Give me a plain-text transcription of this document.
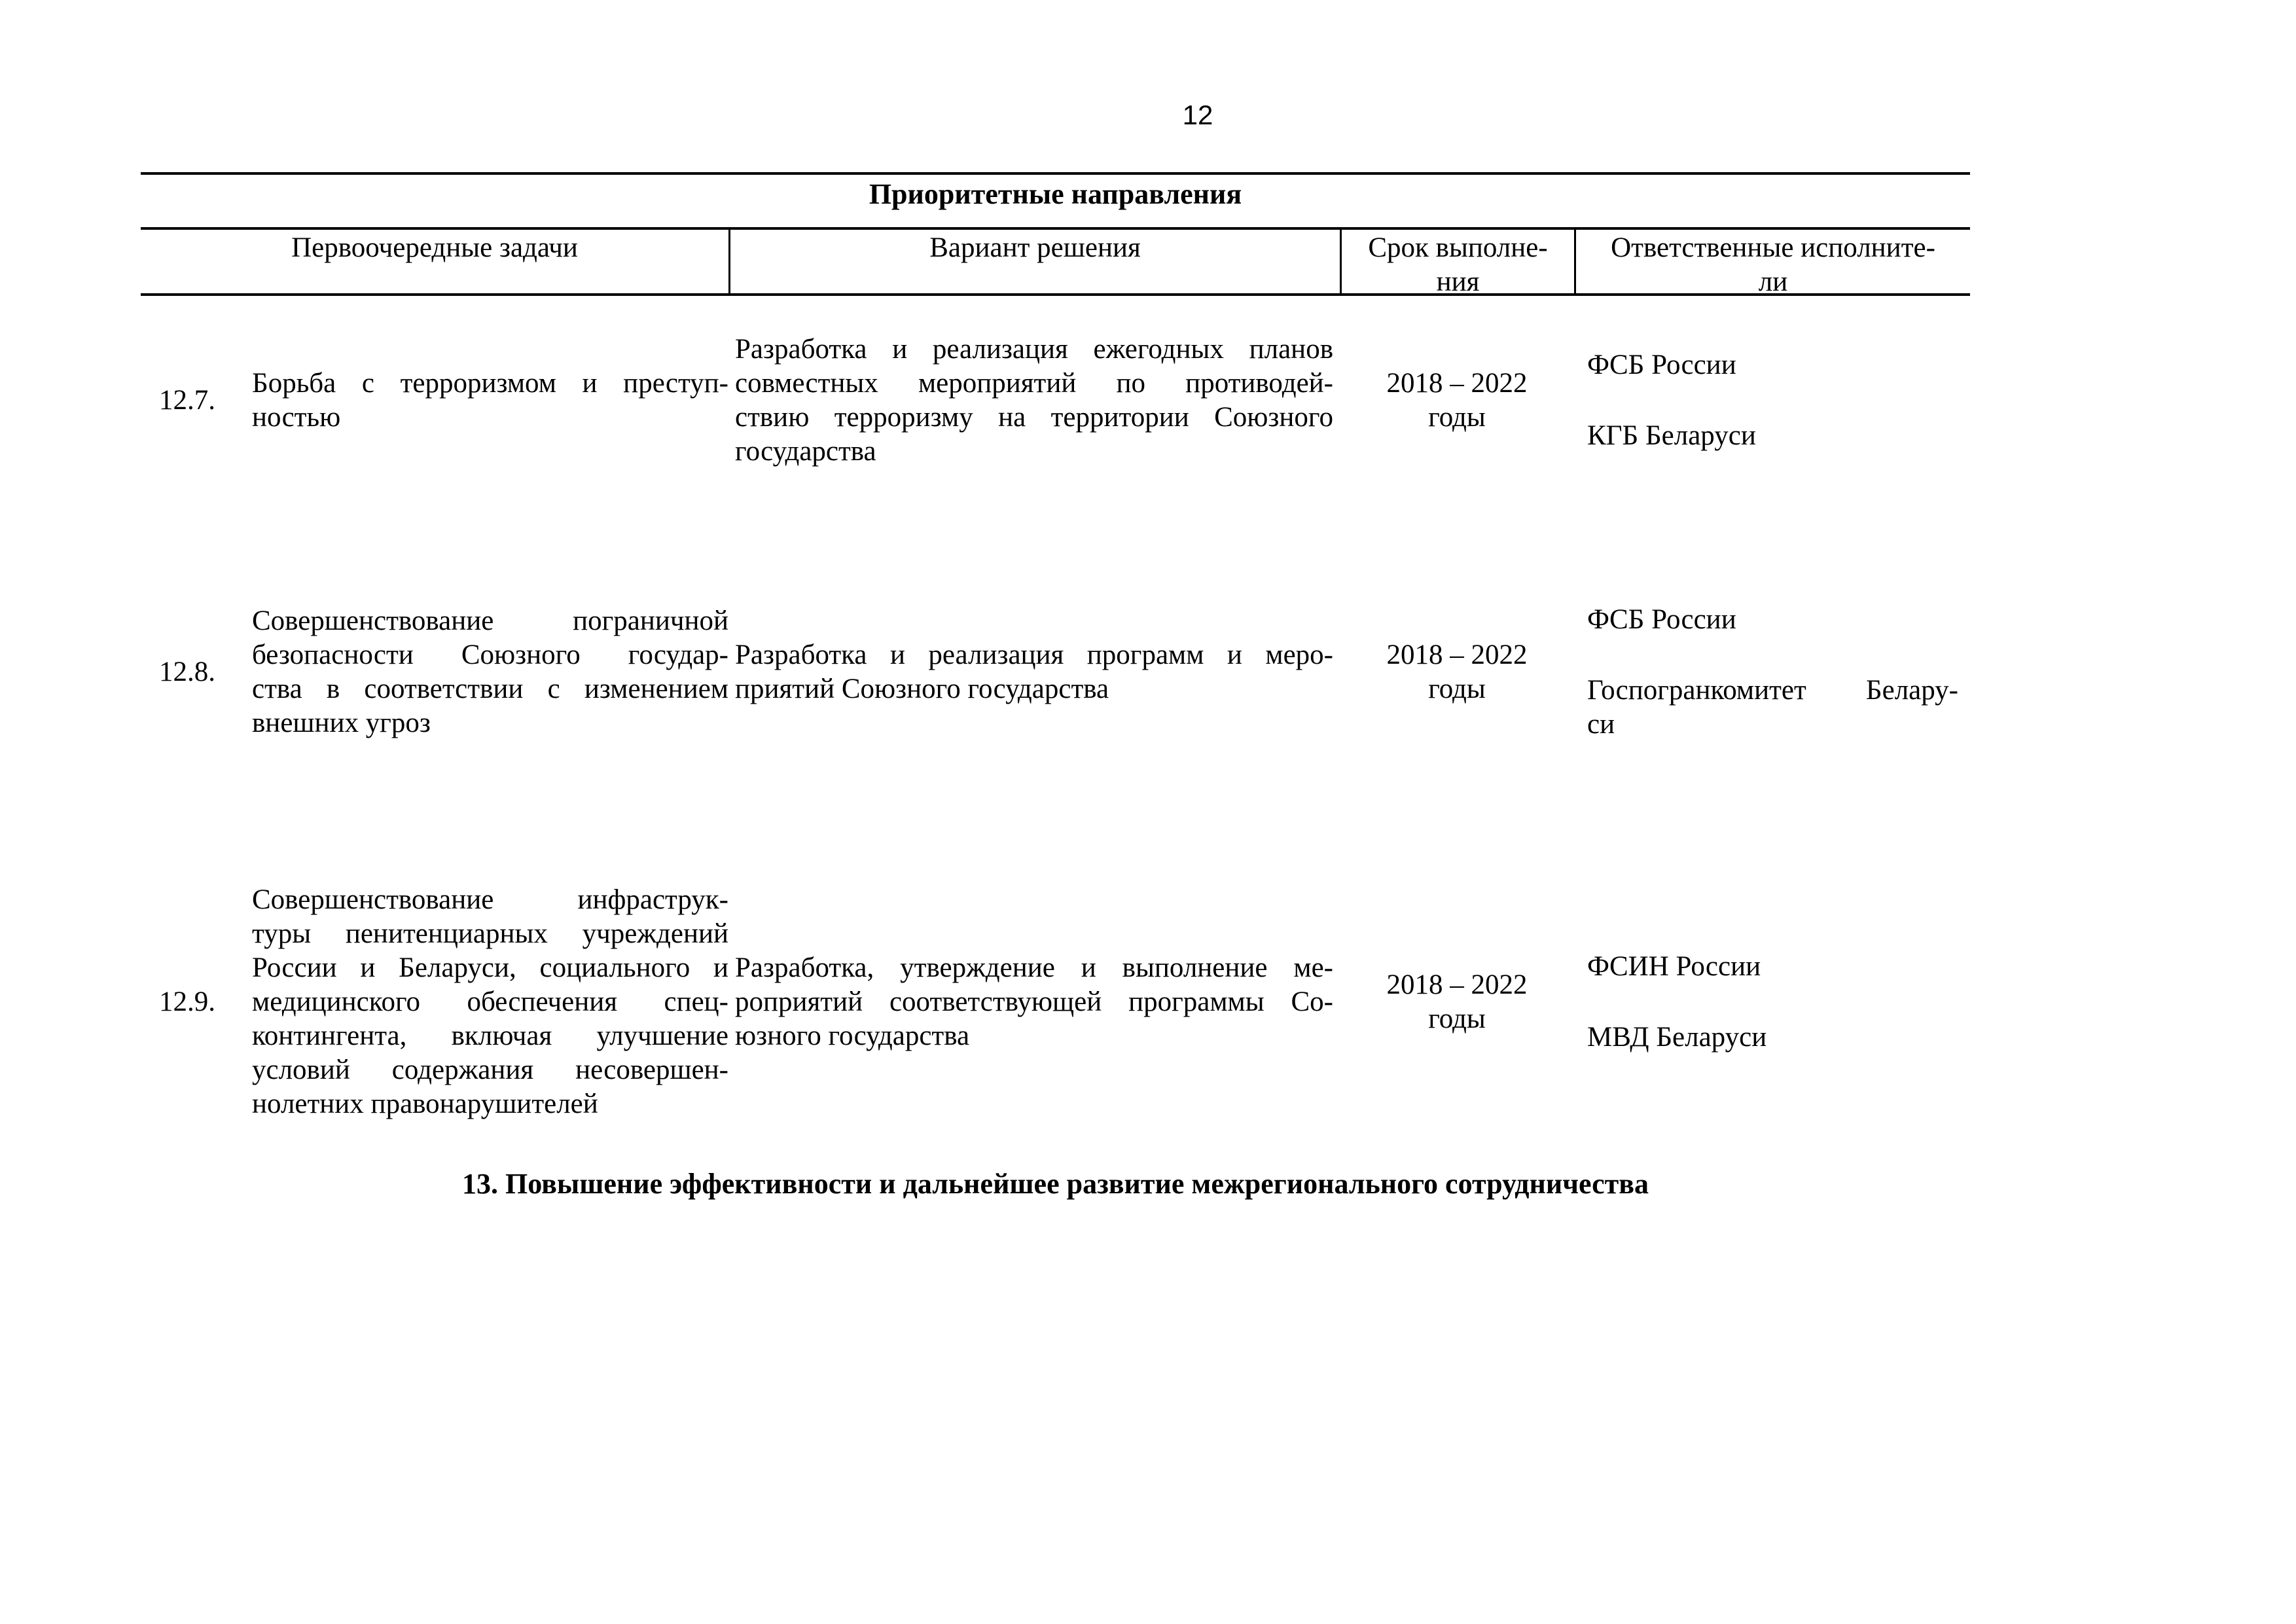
12
Приоритетные направления
Первоочередные задачи	Вариант решения	Срок выполне-
ния
Ответственные исполните-
ли
12.7.
Борьба с терроризмом и преступ-
ностью
Разработка и реализация ежегодных планов
совместных мероприятий по противодей-
ствию терроризму на территории Союзного
государства
2018 – 2022
годы
ФСБ России
КГБ Беларуси
12.8.
Совершенствование пограничной
безопасности Союзного государ-
ства в соответствии с изменением
внешних угроз
Разработка и реализация программ и меро-
приятий Союзного государства
2018 – 2022
годы
ФСБ России
Госпогранкомитет Белару-
си
12.9.
Совершенствование инфраструк-
туры пенитенциарных учреждений
России и Беларуси, социального и
медицинского обеспечения спец-
контингента, включая улучшение
условий содержания несовершен-
нолетних правонарушителей
Разработка, утверждение и выполнение ме-
роприятий соответствующей программы Со-
юзного государства
2018 – 2022
годы
ФСИН России
МВД Беларуси
13. Повышение эффективности и дальнейшее развитие межрегионального сотрудничества
